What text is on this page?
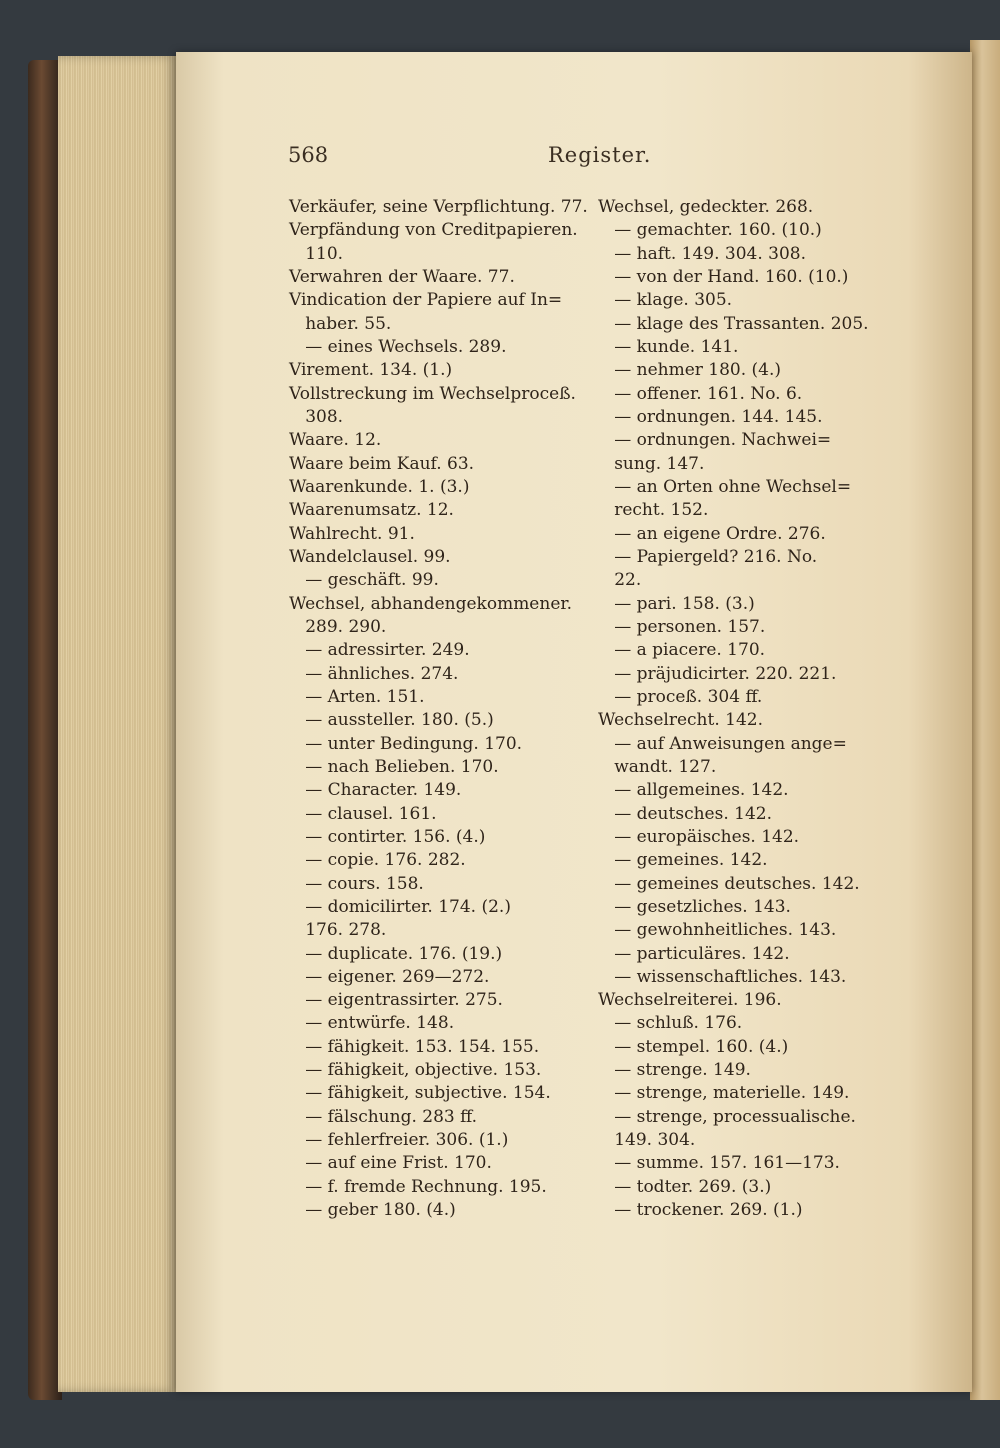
568	Register.
Verkäufer, seine Verpflichtung. 77.
Verpfändung von Creditpapieren.
110.
Verwahren der Waare. 77.
Vindication der Papiere auf In=
haber. 55.
— eines Wechsels. 289.
Virement. 134. (1.)
Vollstreckung im Wechselproceß.
308.
Waare. 12.
Waare beim Kauf. 63.
Waarenkunde. 1. (3.)
Waarenumsatz. 12.
Wahlrecht. 91.
Wandelclausel. 99.
— geschäft. 99.
Wechsel, abhandengekommener.
289. 290.
— adressirter. 249.
— ähnliches. 274.
— Arten. 151.
— aussteller. 180. (5.)
— unter Bedingung. 170.
— nach Belieben. 170.
— Character. 149.
— clausel. 161.
— contirter. 156. (4.)
— copie. 176. 282.
— cours. 158.
— domicilirter. 174. (2.)
176. 278.
— duplicate. 176. (19.)
— eigener. 269—272.
— eigentrassirter. 275.
— entwürfe. 148.
— fähigkeit. 153. 154. 155.
— fähigkeit, objective. 153.
— fähigkeit, subjective. 154.
— fälschung. 283 ff.
— fehlerfreier. 306. (1.)
— auf eine Frist. 170.
— f. fremde Rechnung. 195.
— geber 180. (4.)
Wechsel, gedeckter. 268.
— gemachter. 160. (10.)
— haft. 149. 304. 308.
— von der Hand. 160. (10.)
— klage. 305.
— klage des Trassanten. 205.
— kunde. 141.
— nehmer 180. (4.)
— offener. 161. No. 6.
— ordnungen. 144. 145.
— ordnungen. Nachwei=
sung. 147.
— an Orten ohne Wechsel=
recht. 152.
— an eigene Ordre. 276.
— Papiergeld? 216. No.
22.
— pari. 158. (3.)
— personen. 157.
— a piacere. 170.
— präjudicirter. 220. 221.
— proceß. 304 ff.
Wechselrecht. 142.
— auf Anweisungen ange=
wandt. 127.
— allgemeines. 142.
— deutsches. 142.
— europäisches. 142.
— gemeines. 142.
— gemeines deutsches. 142.
— gesetzliches. 143.
— gewohnheitliches. 143.
— particuläres. 142.
— wissenschaftliches. 143.
Wechselreiterei. 196.
— schluß. 176.
— stempel. 160. (4.)
— strenge. 149.
— strenge, materielle. 149.
— strenge, processualische.
149. 304.
— summe. 157. 161—173.
— todter. 269. (3.)
— trockener. 269. (1.)
